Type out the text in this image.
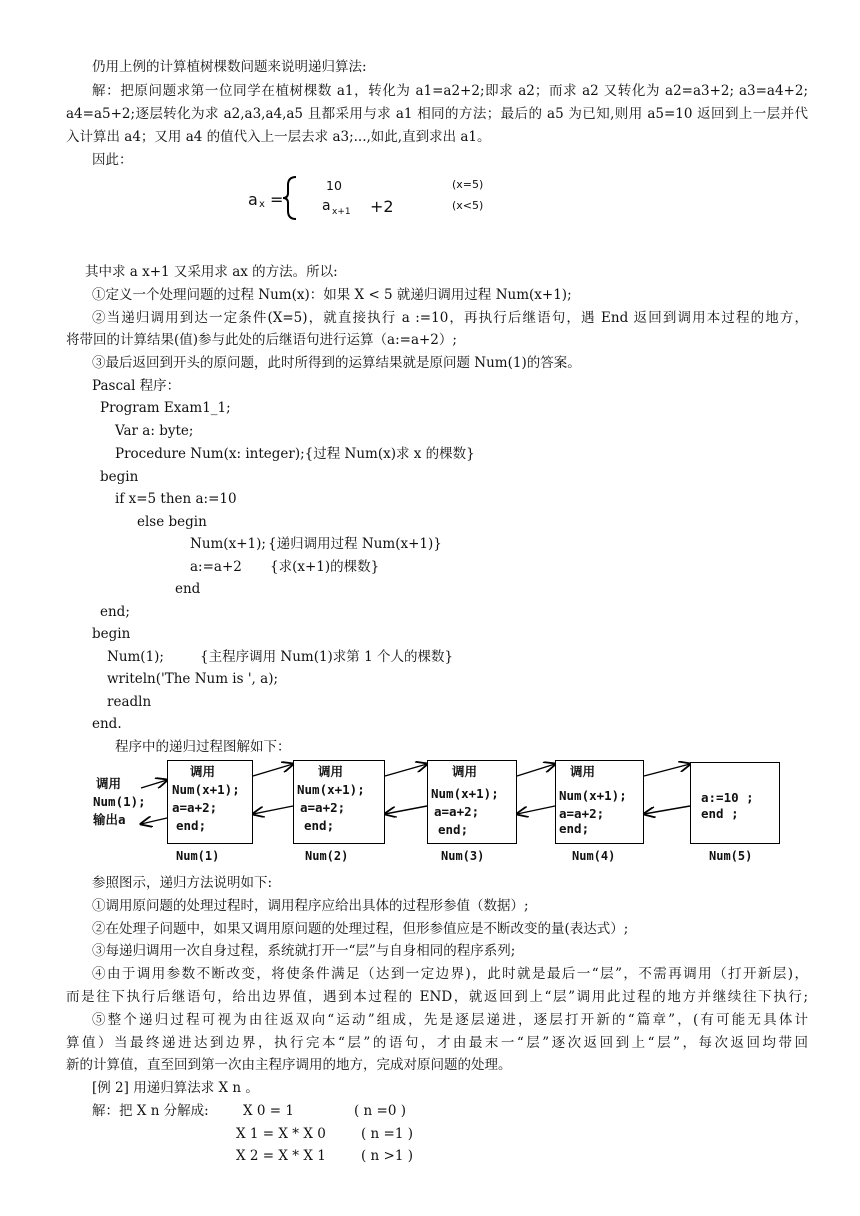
仍用上例的计算植树棵数问题来说明递归算法:
解：把原问题求第一位同学在植树棵数 a1，转化为 a1=a2+2;即求 a2；而求 a2 又转化为 a2=a3+2; a3=a4+2;
a4=a5+2;逐层转化为求 a2,a3,a4,a5 且都采用与求 a1 相同的方法；最后的 a5 为已知,则用 a5=10 返回到上一层并代
入计算出 a4；又用 a4 的值代入上一层去求 a3;...,如此,直到求出 a1。
因此：
a x =
10	(x=5)
a x+1 +2	(x<5)
其中求 a x+1 又采用求 ax 的方法。所以:
①定义一个处理问题的过程 Num(x)：如果 X < 5 就递归调用过程 Num(x+1);
②当递归调用到达一定条件(X=5)，就直接执行 a :=10，再执行后继语句，遇 End 返回到调用本过程的地方，
将带回的计算结果(值)参与此处的后继语句进行运算（a:=a+2）;
③最后返回到开头的原问题，此时所得到的运算结果就是原问题 Num(1)的答案。
Pascal 程序：
Program Exam1_1;
Var a: byte;
Procedure Num(x: integer);{过程 Num(x)求 x 的棵数}
begin
if x=5 then a:=10
else begin
Num(x+1); {递归调用过程 Num(x+1)}
a:=a+2 {求(x+1)的棵数}
end
end;
begin
Num(1);	{主程序调用 Num(1)求第 1 个人的棵数}
writeln('The Num is ', a);
readln
end.
程序中的递归过程图解如下：
调用
Num(1);
输出a
调用
Num(x+1);
a=a+2;
end;
调用
Num(x+1);
a=a+2;
end;
调用
Num(x+1);
a=a+2;
end;
调用
Num(x+1);
a=a+2;
end;
a:=10 ;
end ;
Num(1)	Num(2)	Num(3)	Num(4)	Num(5)
参照图示，递归方法说明如下:
①调用原问题的处理过程时，调用程序应给出具体的过程形参值（数据）;
②在处理子问题中，如果又调用原问题的处理过程，但形参值应是不断改变的量(表达式）;
③每递归调用一次自身过程，系统就打开一“层”与自身相同的程序系列;
④由于调用参数不断改变，将使条件满足（达到一定边界)，此时就是最后一“层”，不需再调用（打开新层)，
而是往下执行后继语句，给出边界值，遇到本过程的 END，就返回到上“层”调用此过程的地方并继续往下执行;
⑤整个递归过程可视为由往返双向“运动”组成，先是逐层递进，逐层打开新的“篇章”，(有可能无具体计
算值）当最终递进达到边界，执行完本“层”的语句，才由最末一“层”逐次返回到上“层”，每次返回均带回
新的计算值，直至回到第一次由主程序调用的地方，完成对原问题的处理。
[例 2] 用递归算法求 X n 。
解：把 X n 分解成:	X 0 = 1	( n =0 )
X 1 = X * X 0	( n =1 )
X 2 = X * X 1	( n >1 )
